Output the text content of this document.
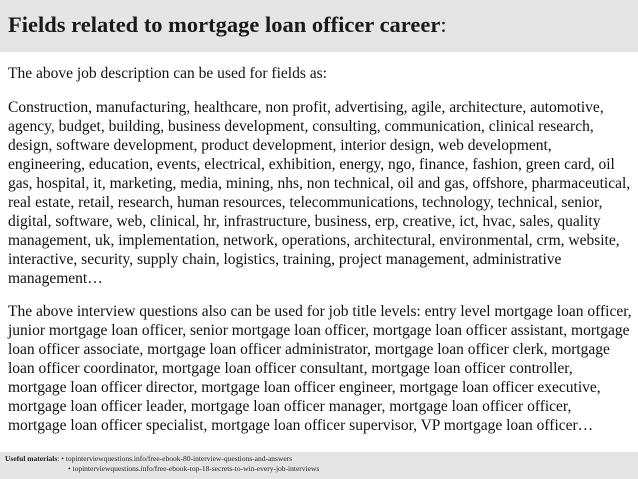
Fields related to mortgage loan officer career:
The above job description can be used for fields as:
Construction, manufacturing, healthcare, non profit, advertising, agile, architecture, automotive, agency, budget, building, business development, consulting, communication, clinical research, design, software development, product development, interior design, web development, engineering, education, events, electrical, exhibition, energy, ngo, finance, fashion, green card, oil gas, hospital, it, marketing, media, mining, nhs, non technical, oil and gas, offshore, pharmaceutical, real estate, retail, research, human resources, telecommunications, technology, technical, senior, digital, software, web, clinical, hr, infrastructure, business, erp, creative, ict, hvac, sales, quality management, uk, implementation, network, operations, architectural, environmental, crm, website, interactive, security, supply chain, logistics, training, project management, administrative management…
The above interview questions also can be used for job title levels: entry level mortgage loan officer, junior mortgage loan officer, senior mortgage loan officer, mortgage loan officer assistant, mortgage loan officer associate, mortgage loan officer administrator, mortgage loan officer clerk, mortgage loan officer coordinator, mortgage loan officer consultant, mortgage loan officer controller, mortgage loan officer director, mortgage loan officer engineer, mortgage loan officer executive, mortgage loan officer leader, mortgage loan officer manager, mortgage loan officer officer, mortgage loan officer specialist, mortgage loan officer supervisor, VP mortgage loan officer…
Useful materials: • topinterviewquestions.info/free-ebook-80-interview-questions-and-answers
• topinterviewquestions.info/free-ebook-top-18-secrets-to-win-every-job-interviews
